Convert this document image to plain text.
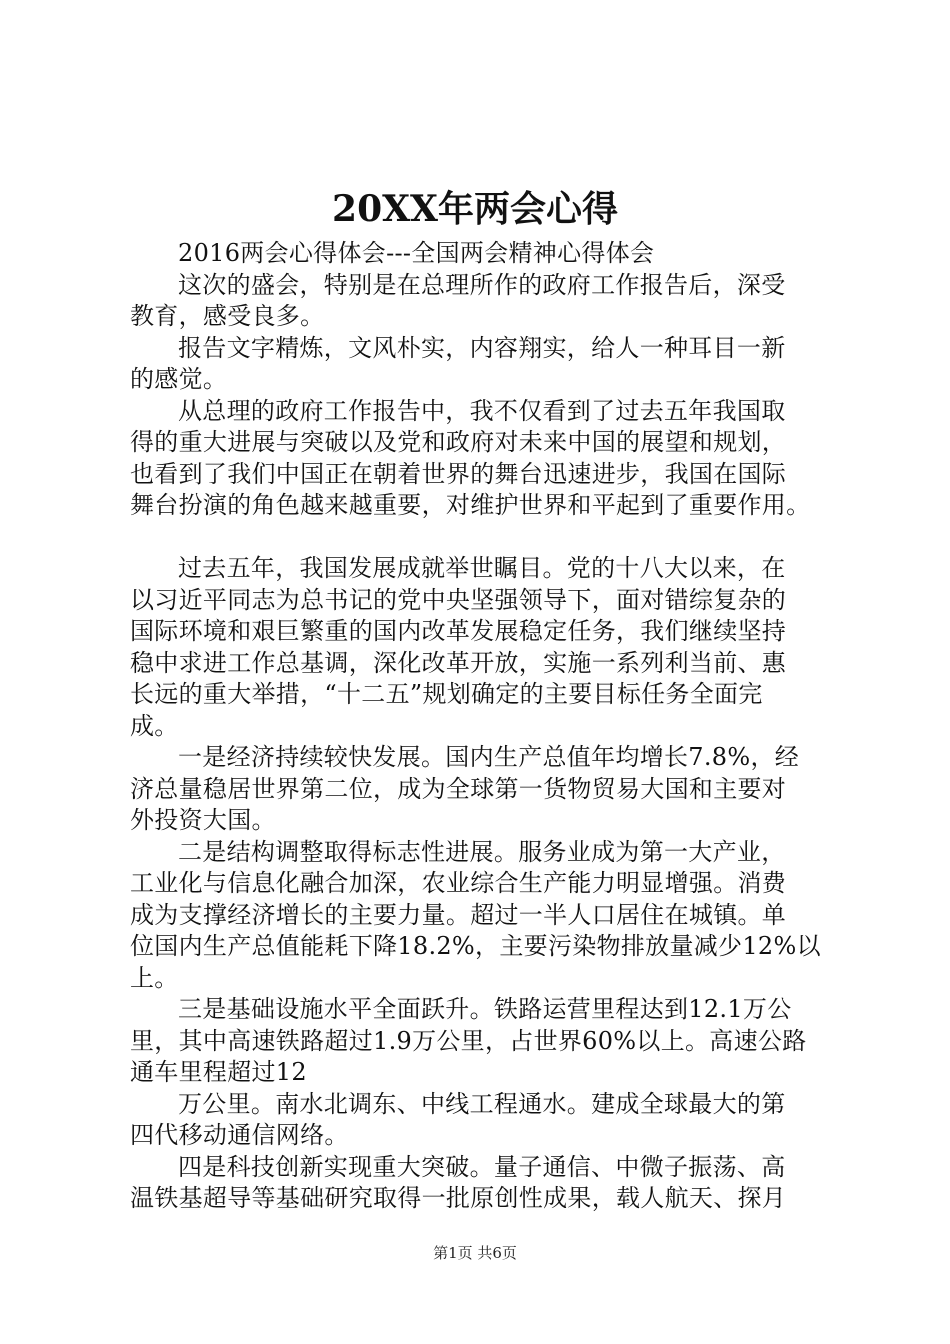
20XX年两会心得
2016两会心得体会---全国两会精神心得体会
这次的盛会，特别是在总理所作的政府工作报告后，深受
教育，感受良多。
报告文字精炼，文风朴实，内容翔实，给人一种耳目一新
的感觉。
从总理的政府工作报告中，我不仅看到了过去五年我国取
得的重大进展与突破以及党和政府对未来中国的展望和规划，
也看到了我们中国正在朝着世界的舞台迅速进步，我国在国际
舞台扮演的角色越来越重要，对维护世界和平起到了重要作用。
过去五年，我国发展成就举世瞩目。党的十八大以来，在
以习近平同志为总书记的党中央坚强领导下，面对错综复杂的
国际环境和艰巨繁重的国内改革发展稳定任务，我们继续坚持
稳中求进工作总基调，深化改革开放，实施一系列利当前、惠
长远的重大举措，“十二五”规划确定的主要目标任务全面完
成。
一是经济持续较快发展。国内生产总值年均增长7.8%，经
济总量稳居世界第二位，成为全球第一货物贸易大国和主要对
外投资大国。
二是结构调整取得标志性进展。服务业成为第一大产业，
工业化与信息化融合加深，农业综合生产能力明显增强。消费
成为支撑经济增长的主要力量。超过一半人口居住在城镇。单
位国内生产总值能耗下降18.2%，主要污染物排放量减少12%以
上。
三是基础设施水平全面跃升。铁路运营里程达到12.1万公
里，其中高速铁路超过1.9万公里，占世界60%以上。高速公路
通车里程超过12
万公里。南水北调东、中线工程通水。建成全球最大的第
四代移动通信网络。
四是科技创新实现重大突破。量子通信、中微子振荡、高
温铁基超导等基础研究取得一批原创性成果，载人航天、探月
第1页 共6页
